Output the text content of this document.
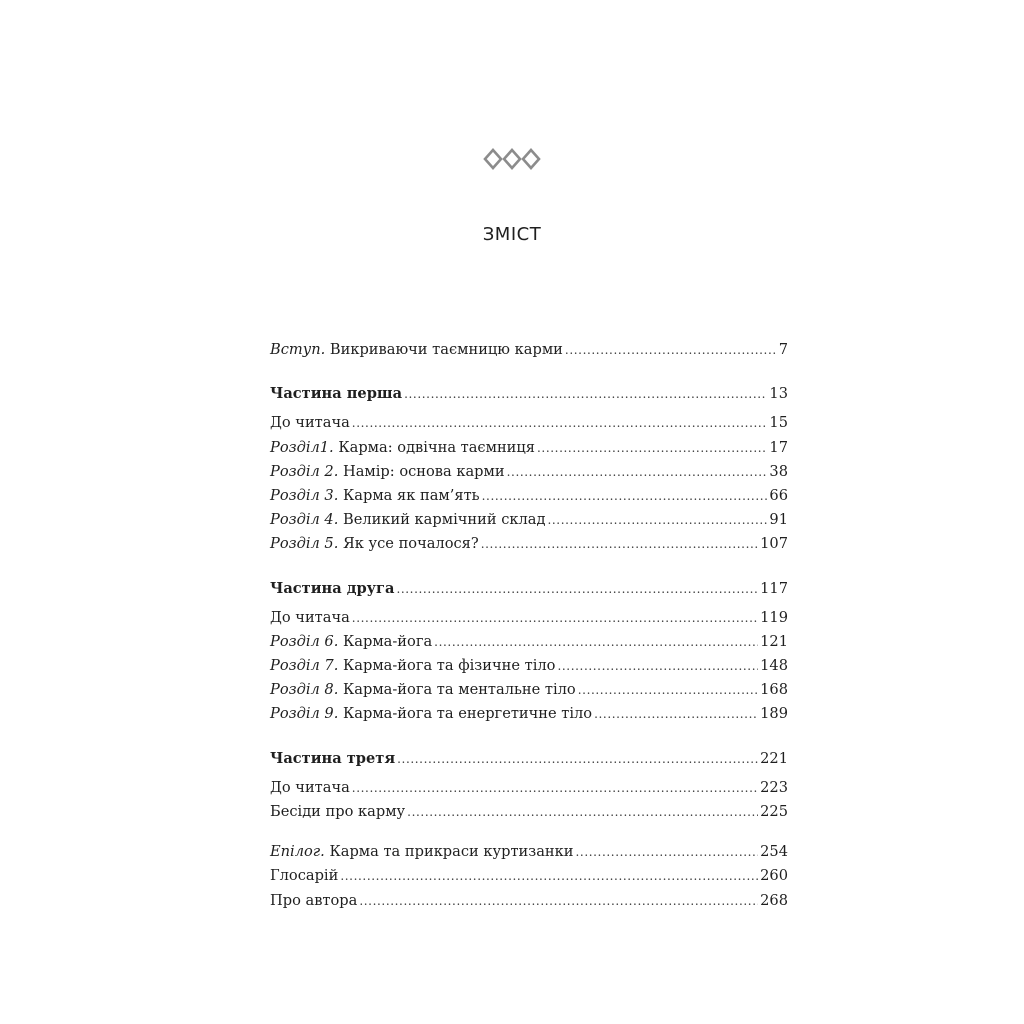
ЗМІСТ
Вступ. Викриваючи таємницю карми .....	7
Частина перша .....	13
До читача .....	15
Розділ1. Карма: одвічна таємниця .....	17
Розділ 2. Намір: основа карми .....	38
Розділ 3. Карма як пам’ять .....	66
Розділ 4. Великий кармічний склад .....	91
Розділ 5. Як усе почалося? .....	107
Частина друга .....	117
До читача .....	119
Розділ 6. Карма-йога .....	121
Розділ 7. Карма-йога та фізичне тіло .....	148
Розділ 8. Карма-йога та ментальне тіло .....	168
Розділ 9. Карма-йога та енергетичне тіло .....	189
Частина третя .....	221
До читача .....	223
Бесіди про карму .....	225
Епілог. Карма та прикраси куртизанки .....	254
Глосарій .....	260
Про автора .....	268
